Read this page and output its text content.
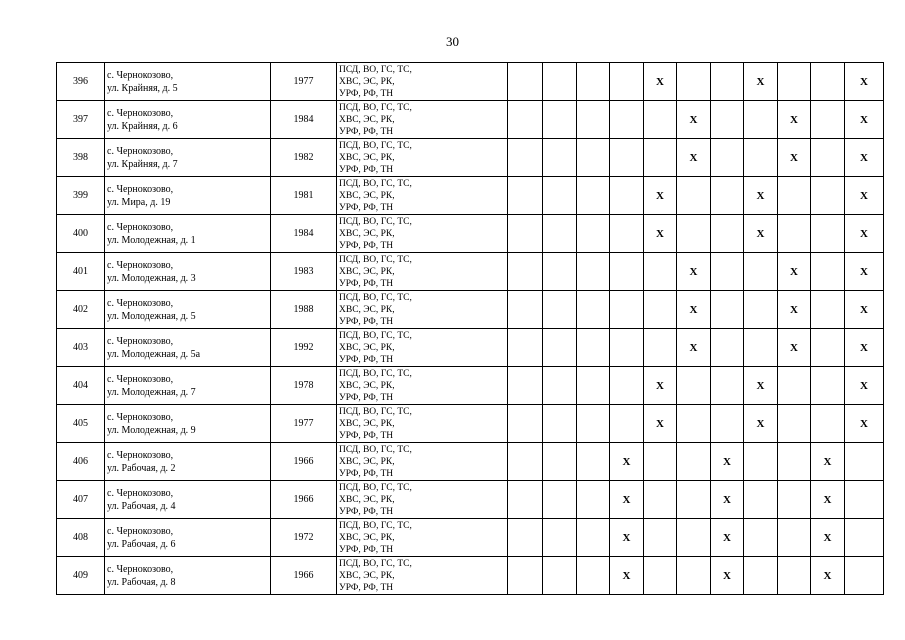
30
396	с. Чернокозово,
ул. Крайняя, д. 5	1977	ПСД, ВО, ГС, ТС,
ХВС, ЭС, РК,
УРФ, РФ, ТН					X			X			X
397	с. Чернокозово,
ул. Крайняя, д. 6	1984	ПСД, ВО, ГС, ТС,
ХВС, ЭС, РК,
УРФ, РФ, ТН						X			X		X
398	с. Чернокозово,
ул. Крайняя, д. 7	1982	ПСД, ВО, ГС, ТС,
ХВС, ЭС, РК,
УРФ, РФ, ТН						X			X		X
399	с. Чернокозово,
ул. Мира, д. 19	1981	ПСД, ВО, ГС, ТС,
ХВС, ЭС, РК,
УРФ, РФ, ТН					X			X			X
400	с. Чернокозово,
ул. Молодежная, д. 1	1984	ПСД, ВО, ГС, ТС,
ХВС, ЭС, РК,
УРФ, РФ, ТН					X			X			X
401	с. Чернокозово,
ул. Молодежная, д. 3	1983	ПСД, ВО, ГС, ТС,
ХВС, ЭС, РК,
УРФ, РФ, ТН						X			X		X
402	с. Чернокозово,
ул. Молодежная, д. 5	1988	ПСД, ВО, ГС, ТС,
ХВС, ЭС, РК,
УРФ, РФ, ТН						X			X		X
403	с. Чернокозово,
ул. Молодежная, д. 5а	1992	ПСД, ВО, ГС, ТС,
ХВС, ЭС, РК,
УРФ, РФ, ТН						X			X		X
404	с. Чернокозово,
ул. Молодежная, д. 7	1978	ПСД, ВО, ГС, ТС,
ХВС, ЭС, РК,
УРФ, РФ, ТН					X			X			X
405	с. Чернокозово,
ул. Молодежная, д. 9	1977	ПСД, ВО, ГС, ТС,
ХВС, ЭС, РК,
УРФ, РФ, ТН					X			X			X
406	с. Чернокозово,
ул. Рабочая, д. 2	1966	ПСД, ВО, ГС, ТС,
ХВС, ЭС, РК,
УРФ, РФ, ТН				X			X			X	
407	с. Чернокозово,
ул. Рабочая, д. 4	1966	ПСД, ВО, ГС, ТС,
ХВС, ЭС, РК,
УРФ, РФ, ТН				X			X			X	
408	с. Чернокозово,
ул. Рабочая, д. 6	1972	ПСД, ВО, ГС, ТС,
ХВС, ЭС, РК,
УРФ, РФ, ТН				X			X			X	
409	с. Чернокозово,
ул. Рабочая, д. 8	1966	ПСД, ВО, ГС, ТС,
ХВС, ЭС, РК,
УРФ, РФ, ТН				X			X			X	
